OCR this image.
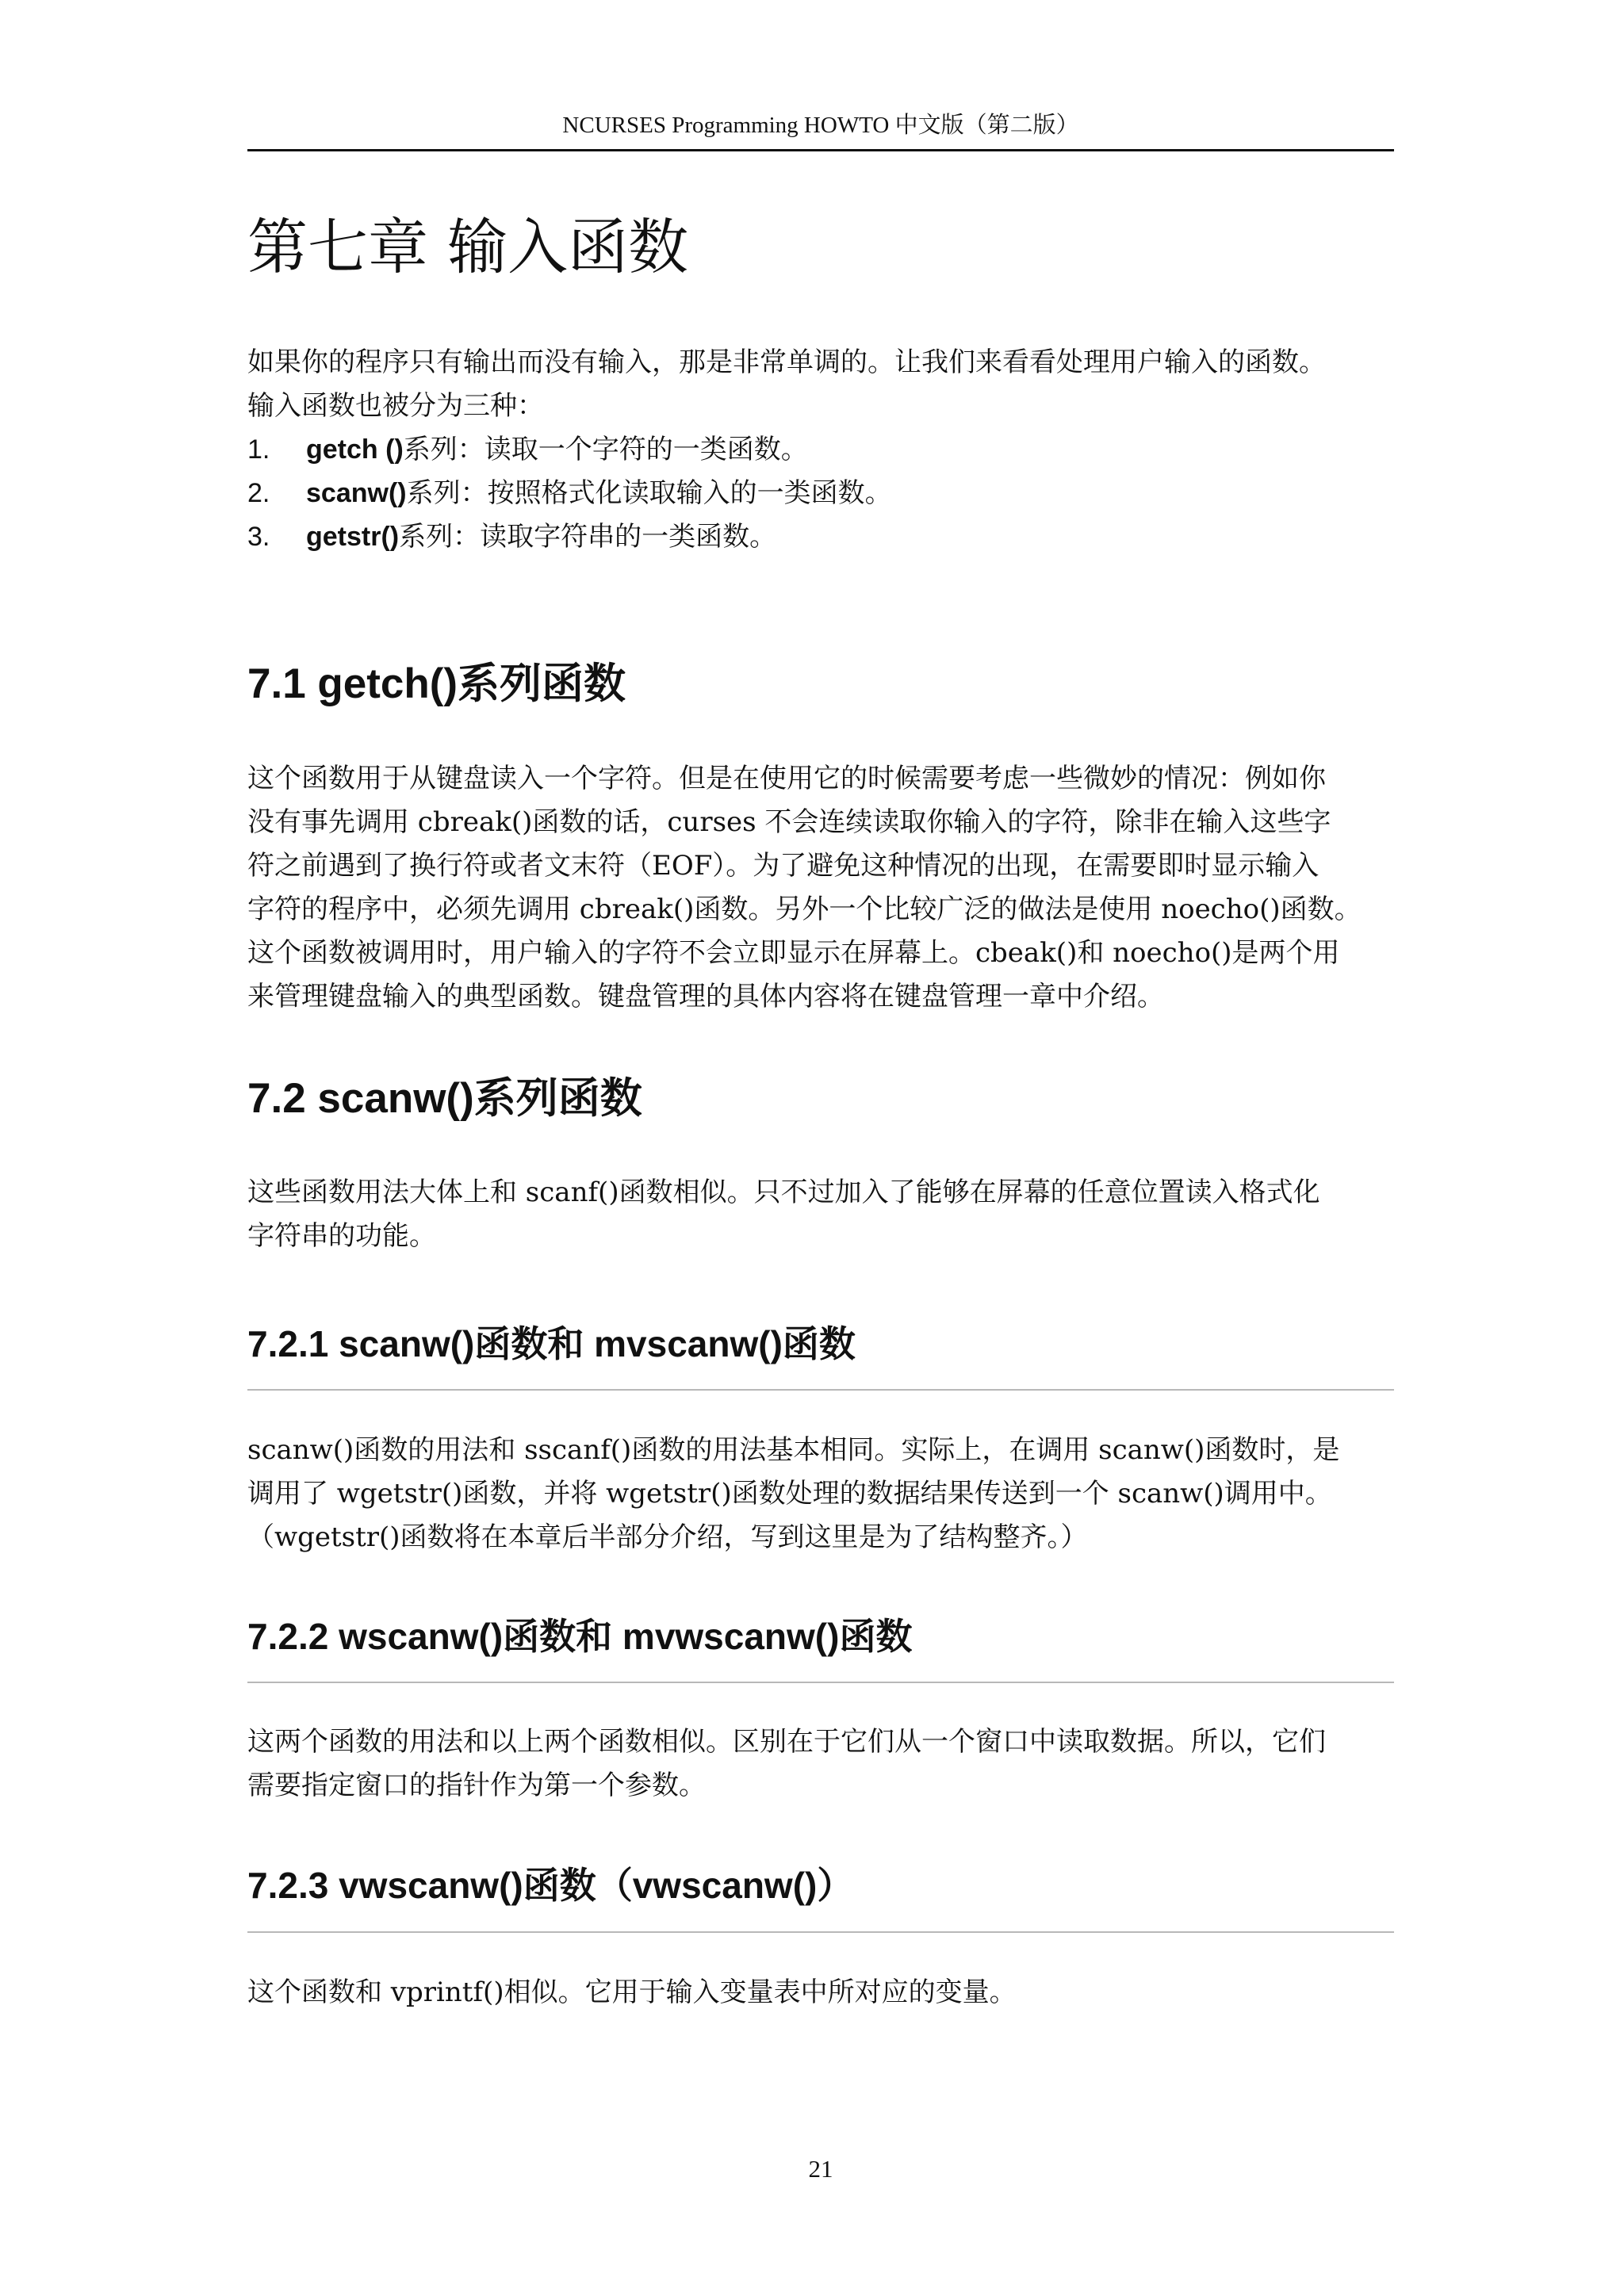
NCURSES Programming HOWTO 中文版（第二版）
第七章 输入函数

如果你的程序只有输出而没有输入，那是非常单调的。让我们来看看处理用户输入的函数。
输入函数也被分为三种：

1. getch ()系列：读取一个字符的一类函数。
2. scanw()系列：按照格式化读取输入的一类函数。
3. getstr()系列：读取字符串的一类函数。
7.1 getch()系列函数

这个函数用于从键盘读入一个字符。但是在使用它的时候需要考虑一些微妙的情况：例如你
没有事先调用 cbreak()函数的话，curses 不会连续读取你输入的字符，除非在输入这些字
符之前遇到了换行符或者文末符（EOF）。为了避免这种情况的出现，在需要即时显示输入
字符的程序中，必须先调用 cbreak()函数。另外一个比较广泛的做法是使用 noecho()函数。
这个函数被调用时，用户输入的字符不会立即显示在屏幕上。cbeak()和 noecho()是两个用
来管理键盘输入的典型函数。键盘管理的具体内容将在键盘管理一章中介绍。

7.2 scanw()系列函数

这些函数用法大体上和 scanf()函数相似。只不过加入了能够在屏幕的任意位置读入格式化
字符串的功能。

7.2.1 scanw()函数和 mvscanw()函数

scanw()函数的用法和 sscanf()函数的用法基本相同。实际上，在调用 scanw()函数时，是
调用了 wgetstr()函数，并将 wgetstr()函数处理的数据结果传送到一个 scanw()调用中。
（wgetstr()函数将在本章后半部分介绍，写到这里是为了结构整齐。）

7.2.2 wscanw()函数和 mvwscanw()函数

这两个函数的用法和以上两个函数相似。区别在于它们从一个窗口中读取数据。所以，它们
需要指定窗口的指针作为第一个参数。

7.2.3 vwscanw()函数（vwscanw()）

这个函数和 vprintf()相似。它用于输入变量表中所对应的变量。

21
